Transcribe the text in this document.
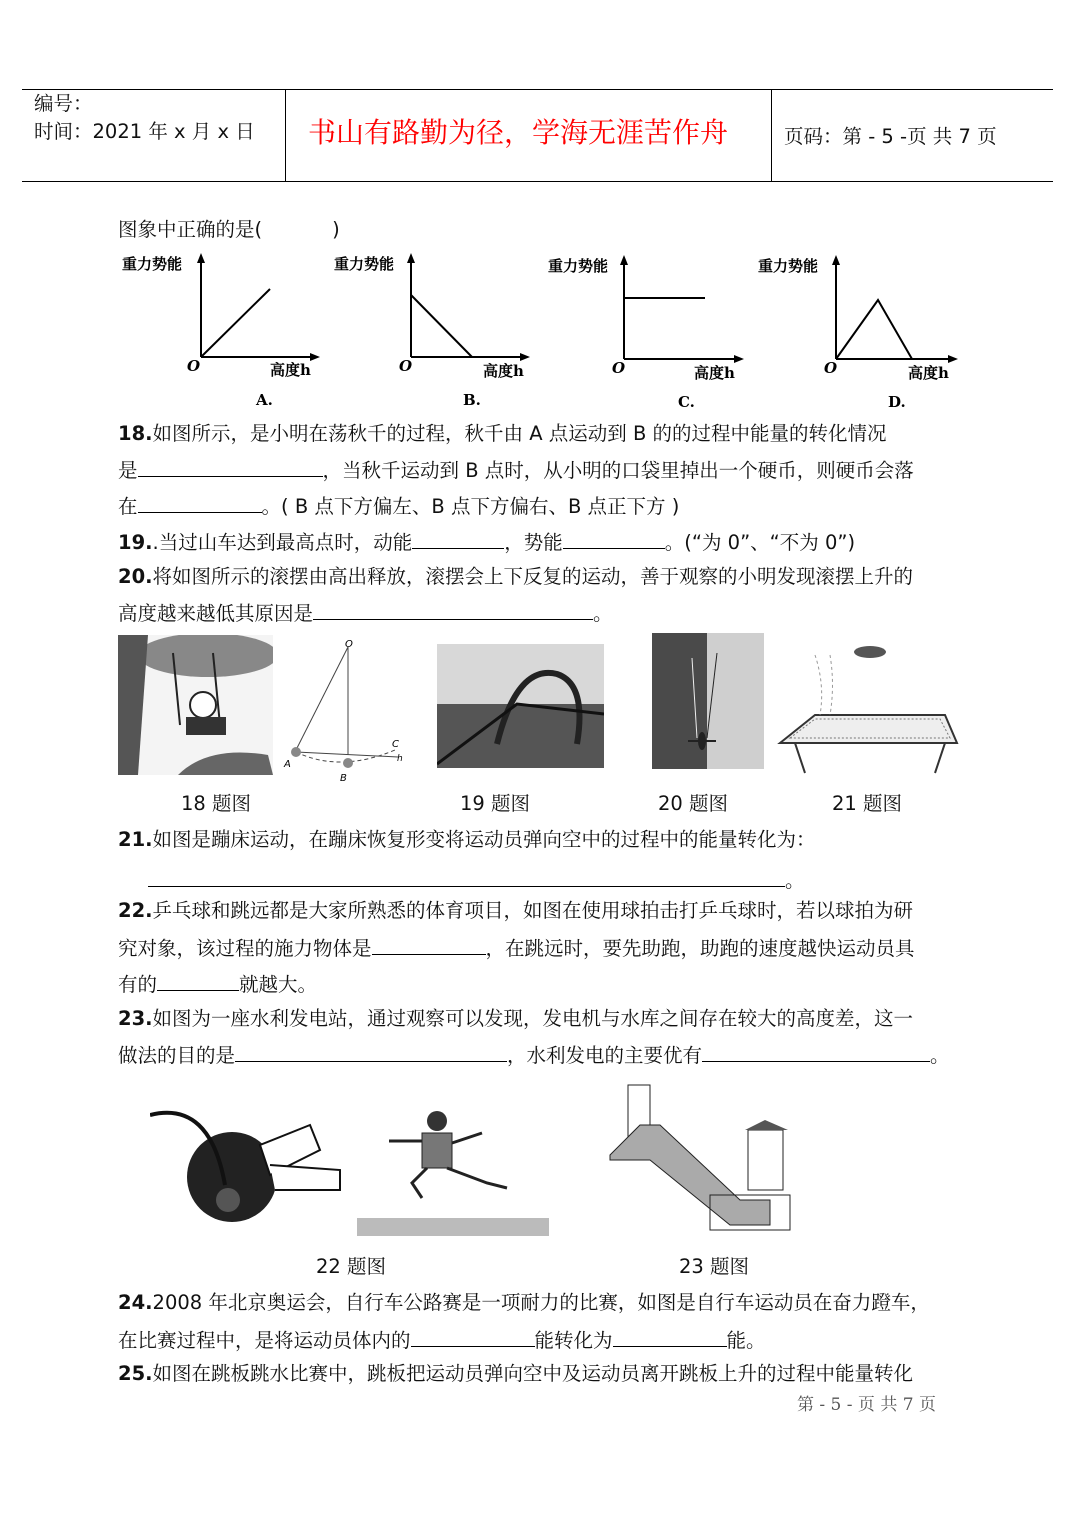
编号：
时间：2021 年 x 月 x 日 书山有路勤为径，学海无涯苦作舟	页码：第 - 5 -页 共 7 页
图象中正确的是(	)
重力势能
O	高度h
A.
重力势能
O	高度h
B.
重力势能
O	高度h
C.
重力势能
O	高度h
D.
18.如图所示，是小明在荡秋千的过程，秋千由 A 点运动到 B 的的过程中能量的转化情况
是	，当秋千运动到 B 点时，从小明的口袋里掉出一个硬币，则硬币会落
在	。( B 点下方偏左、B 点下方偏右、B 点正下方 )
19..当过山车达到最高点时，动能	，势能	。(“为 0”、“不为 0”)
20.将如图所示的滚摆由高出释放，滚摆会上下反复的运动，善于观察的小明发现滚摆上升的
高度越来越低其原因是	。
O
A
B
C
h
18 题图	19 题图	20 题图	21 题图
21.如图是蹦床运动，在蹦床恢复形变将运动员弹向空中的过程中的能量转化为：
。
22.乒乓球和跳远都是大家所熟悉的体育项目，如图在使用球拍击打乒乓球时，若以球拍为研
究对象，该过程的施力物体是	，在跳远时，要先助跑，助跑的速度越快运动员具
有的	就越大。
23.如图为一座水利发电站，通过观察可以发现，发电机与水库之间存在较大的高度差，这一
做法的目的是	，水利发电的主要优有	。
22 题图	23 题图
24.2008 年北京奥运会，自行车公路赛是一项耐力的比赛，如图是自行车运动员在奋力蹬车，
在比赛过程中，是将运动员体内的	能转化为	能。
25.如图在跳板跳水比赛中，跳板把运动员弹向空中及运动员离开跳板上升的过程中能量转化
第 - 5 - 页 共 7 页
